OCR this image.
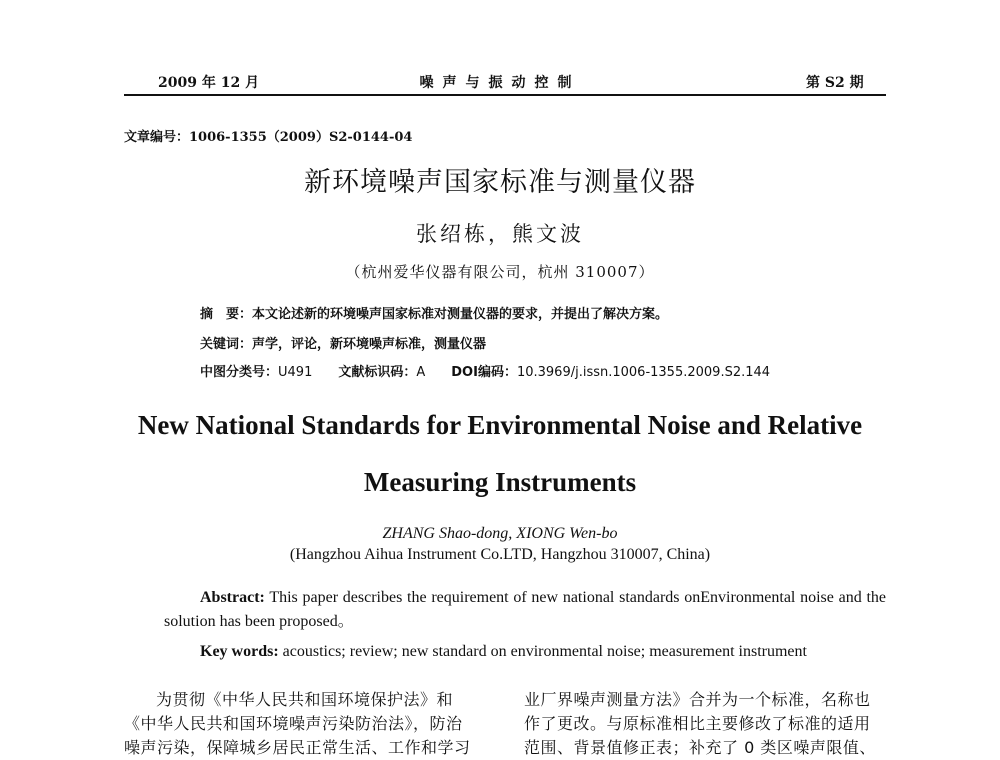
2009 年 12 月	噪声与振动控制	第 S2 期
文章编号：1006-1355（2009）S2-0144-04
新环境噪声国家标准与测量仪器
张绍栋，熊文波
（杭州爱华仪器有限公司，杭州 310007）
摘　要：本文论述新的环境噪声国家标准对测量仪器的要求，并提出了解决方案。
关键词：声学，评论，新环境噪声标准，测量仪器
中图分类号：U491 文献标识码：A DOI编码：10.3969/j.issn.1006-1355.2009.S2.144
New National Standards for Environmental Noise and Relative
Measuring Instruments
ZHANG Shao-dong, XIONG Wen-bo
(Hangzhou Aihua Instrument Co.LTD, Hangzhou 310007, China)
Abstract: This paper describes the requirement of new national standards onEnvironmental noise and the solution has been proposed。
Key words: acoustics; review; new standard on environmental noise; measurement instrument
为贯彻《中华人民共和国环境保护法》和
《中华人民共和国环境噪声污染防治法》，防治
噪声污染，保障城乡居民正常生活、工作和学习
业厂界噪声测量方法》合并为一个标准，名称也
作了更改。与原标准相比主要修改了标准的适用
范围、背景值修正表；补充了 0 类区噪声限值、
